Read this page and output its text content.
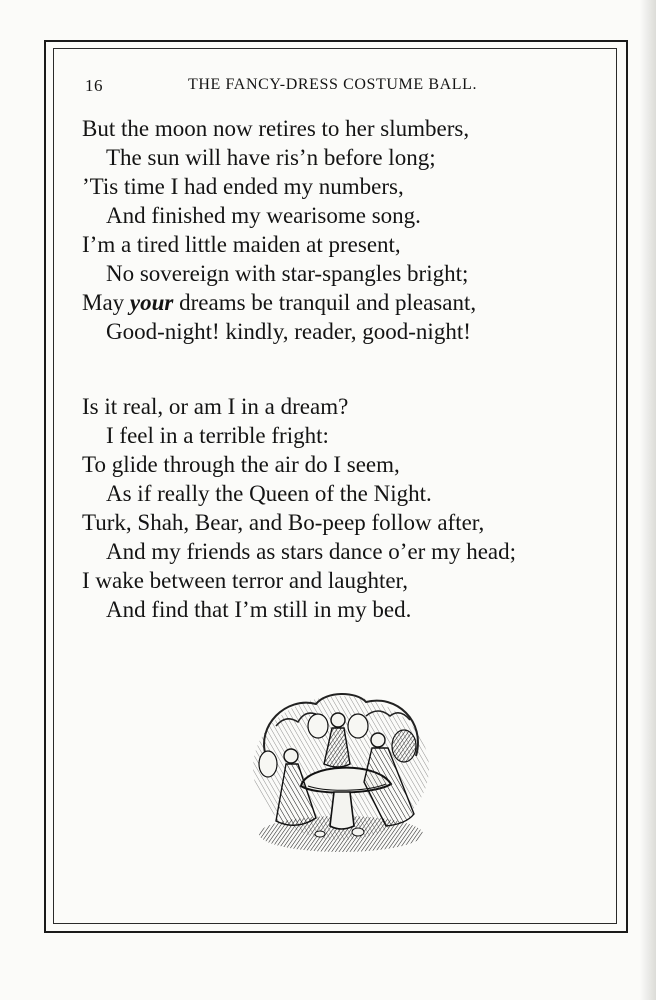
16	THE FANCY-DRESS COSTUME BALL.
But the moon now retires to her slumbers,
The sun will have ris’n before long;
’Tis time I had ended my numbers,
And finished my wearisome song.
I’m a tired little maiden at present,
No sovereign with star-spangles bright;
May your dreams be tranquil and pleasant,
Good-night! kindly, reader, good-night!
Is it real, or am I in a dream?
I feel in a terrible fright:
To glide through the air do I seem,
As if really the Queen of the Night.
Turk, Shah, Bear, and Bo-peep follow after,
And my friends as stars dance o’er my head;
I wake between terror and laughter,
And find that I’m still in my bed.
